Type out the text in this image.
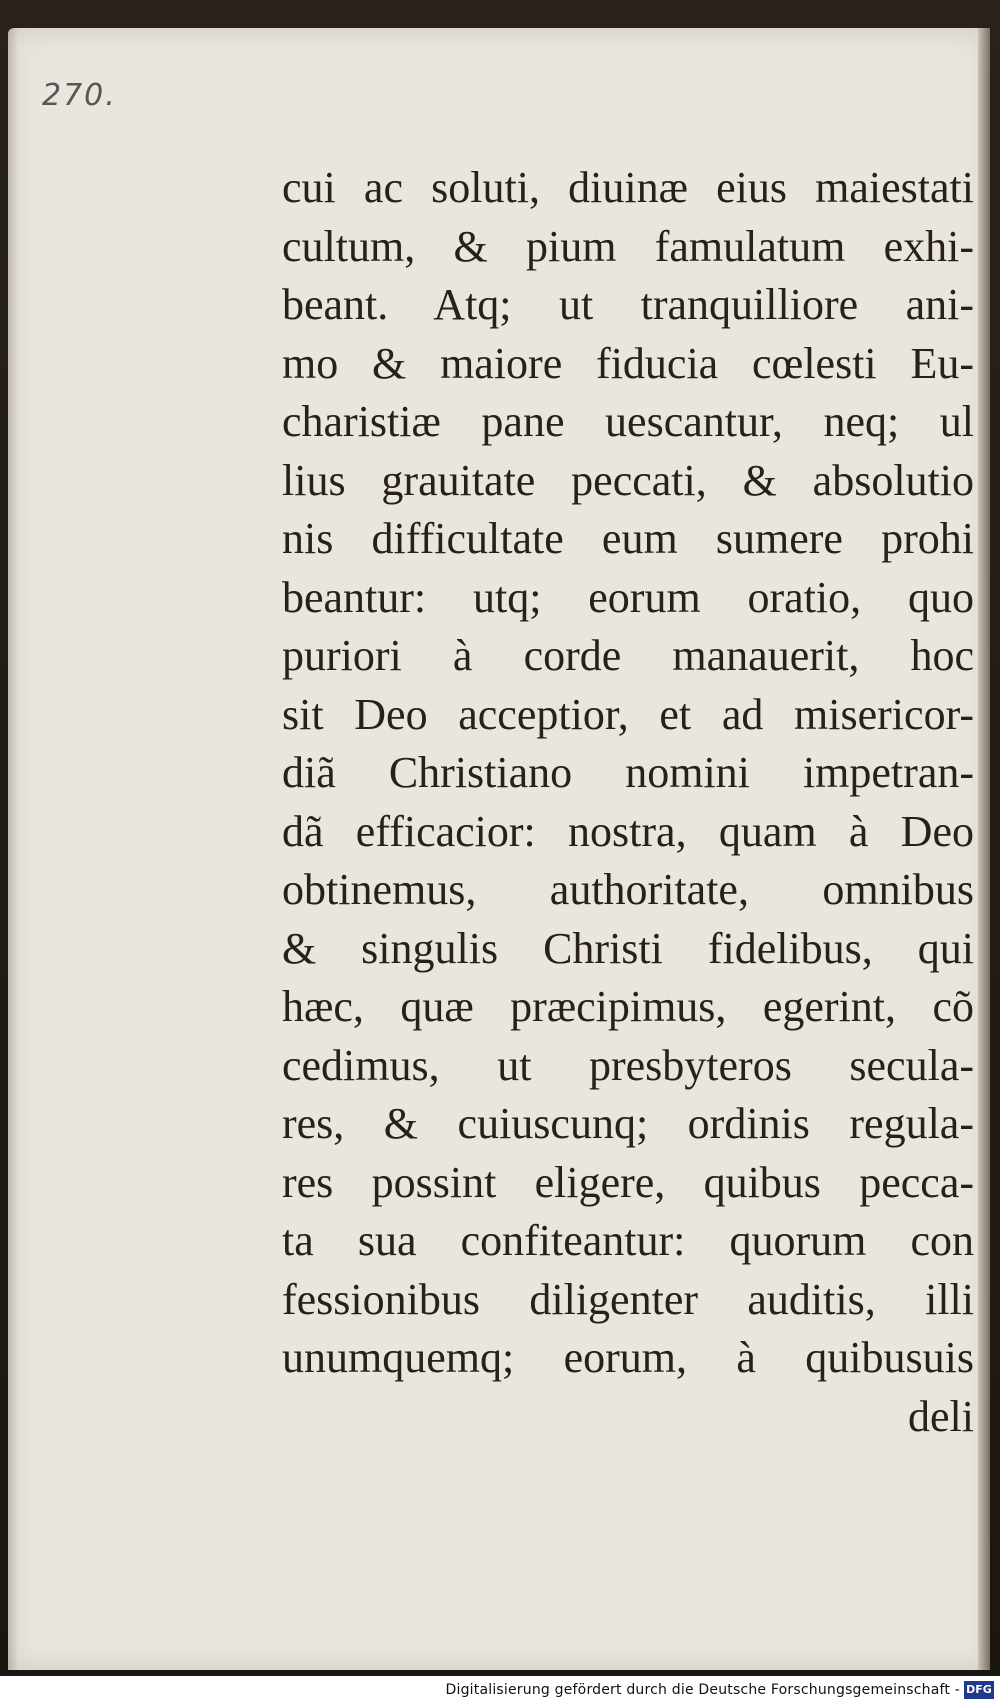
270.
cui ac soluti, diuinæ eius maiestati
cultum, & pium famulatum exhi-
beant. Atq; ut tranquilliore ani-
mo & maiore fiducia cœlesti Eu-
charistiæ pane uescantur, neq; ul
lius grauitate peccati, & absolutio
nis difficultate eum sumere prohi
beantur: utq; eorum oratio, quo
puriori à corde manauerit, hoc
sit Deo acceptior, et ad misericor-
diã Christiano nomini impetran-
dã efficacior: nostra, quam à Deo
obtinemus, authoritate, omnibus
& singulis Christi fidelibus, qui
hæc, quæ præcipimus, egerint, cõ
cedimus, ut presbyteros secula-
res, & cuiuscunq; ordinis regula-
res possint eligere, quibus pecca-
ta sua confiteantur: quorum con
fessionibus diligenter auditis, illi
unumquemq; eorum, à quibusuis
deli
Digitalisierung gefördert durch die Deutsche Forschungsgemeinschaft - DFG
